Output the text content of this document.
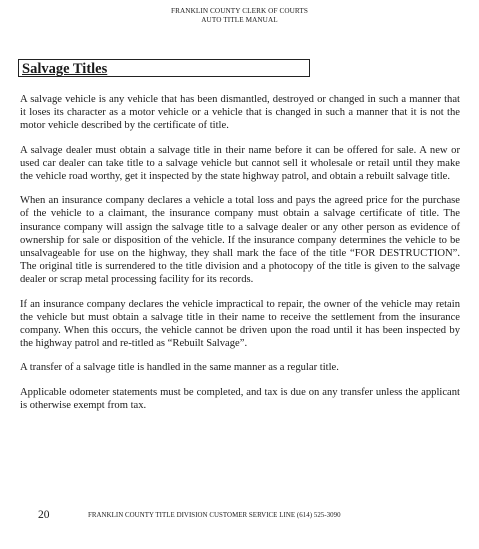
FRANKLIN COUNTY CLERK OF COURTS
AUTO TITLE MANUAL
Salvage Titles

A salvage vehicle is any vehicle that has been dismantled, destroyed or changed in such a manner that it loses its character as a motor vehicle or a vehicle that is changed in such a manner that it is not the motor vehicle described by the certificate of title.

A salvage dealer must obtain a salvage title in their name before it can be offered for sale. A new or used car dealer can take title to a salvage vehicle but cannot sell it wholesale or retail until they make the vehicle road worthy, get it inspected by the state highway patrol, and obtain a rebuilt salvage title.

When an insurance company declares a vehicle a total loss and pays the agreed price for the purchase of the vehicle to a claimant, the insurance company must obtain a salvage certificate of title. The insurance company will assign the salvage title to a salvage dealer or any other person as evidence of ownership for sale or disposition of the vehicle. If the insurance company determines the vehicle to be unsalvageable for use on the highway, they shall mark the face of the title “FOR DESTRUCTION”. The original title is surrendered to the title division and a photocopy of the title is given to the salvage dealer or scrap metal processing facility for its records.

If an insurance company declares the vehicle impractical to repair, the owner of the vehicle may retain the vehicle but must obtain a salvage title in their name to receive the settlement from the insurance company. When this occurs, the vehicle cannot be driven upon the road until it has been inspected by the highway patrol and re-titled as “Rebuilt Salvage”.

A transfer of a salvage title is handled in the same manner as a regular title.

Applicable odometer statements must be completed, and tax is due on any transfer unless the applicant is otherwise exempt from tax.

20	FRANKLIN COUNTY TITLE DIVISION CUSTOMER SERVICE LINE (614) 525-3090
